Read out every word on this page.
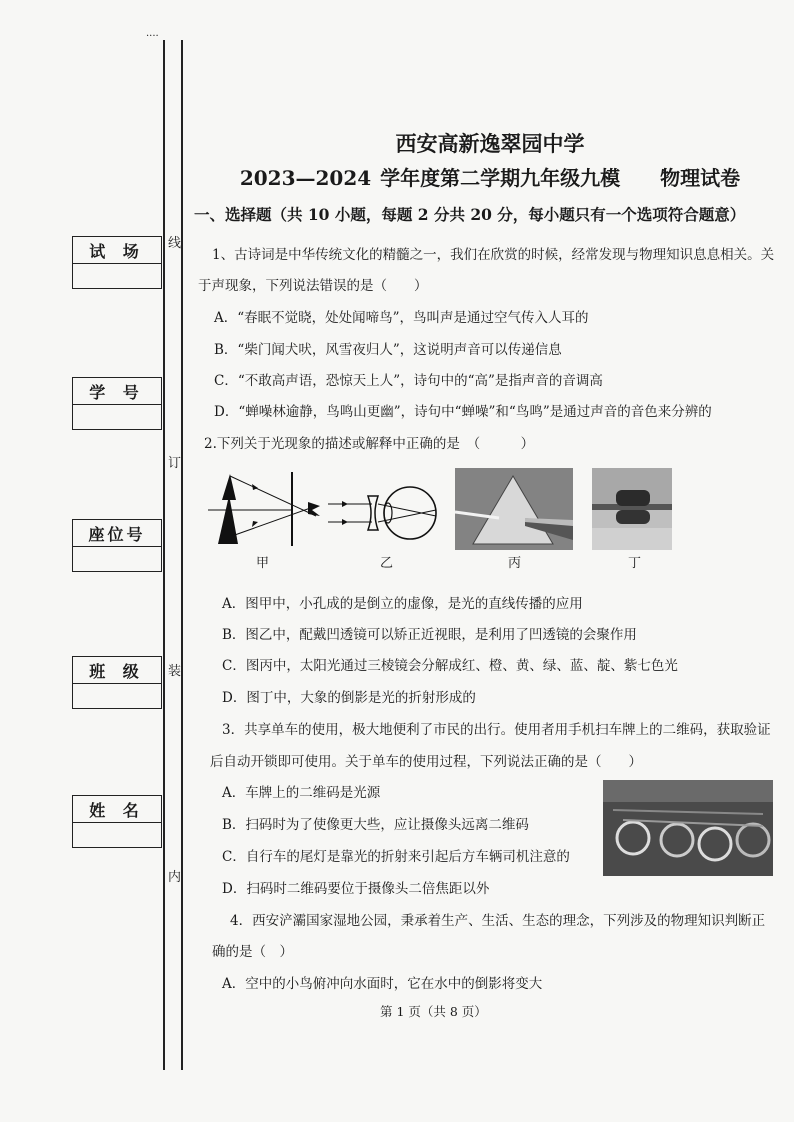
....
线
订
装
内
试 场
学 号
座位号
班 级
姓 名
西安高新逸翠园中学
2023—2024 学年度第二学期九年级九模　　物理试卷
一、选择题（共 10 小题，每题 2 分共 20 分，每小题只有一个选项符合题意）
1、古诗词是中华传统文化的精髓之一，我们在欣赏的时候，经常发现与物理知识息息相关。关
于声现象，下列说法错误的是（　　）
A．“春眠不觉晓，处处闻啼鸟”，鸟叫声是通过空气传入人耳的
B．“柴门闻犬吠，风雪夜归人”，这说明声音可以传递信息
C．“不敢高声语，恐惊天上人”，诗句中的“高”是指声音的音调高
D．“蝉噪林逾静，鸟鸣山更幽”，诗句中“蝉噪”和“鸟鸣”是通过声音的音色来分辨的
2.下列关于光现象的描述或解释中正确的是　（　　　）
甲	乙	丙	丁
A．图甲中，小孔成的是倒立的虚像，是光的直线传播的应用
B．图乙中，配戴凹透镜可以矫正近视眼，是利用了凹透镜的会聚作用
C．图丙中，太阳光通过三棱镜会分解成红、橙、黄、绿、蓝、靛、紫七色光
D．图丁中，大象的倒影是光的折射形成的
3．共享单车的使用，极大地便利了市民的出行。使用者用手机扫车牌上的二维码，获取验证
后自动开锁即可使用。关于单车的使用过程，下列说法正确的是（　　）
A．车牌上的二维码是光源
B．扫码时为了使像更大些，应让摄像头远离二维码
C．自行车的尾灯是靠光的折射来引起后方车辆司机注意的
D．扫码时二维码要位于摄像头二倍焦距以外
4．西安浐灞国家湿地公园，秉承着生产、生活、生态的理念，下列涉及的物理知识判断正
确的是（　）
A．空中的小鸟俯冲向水面时，它在水中的倒影将变大
第 1 页（共 8 页）
